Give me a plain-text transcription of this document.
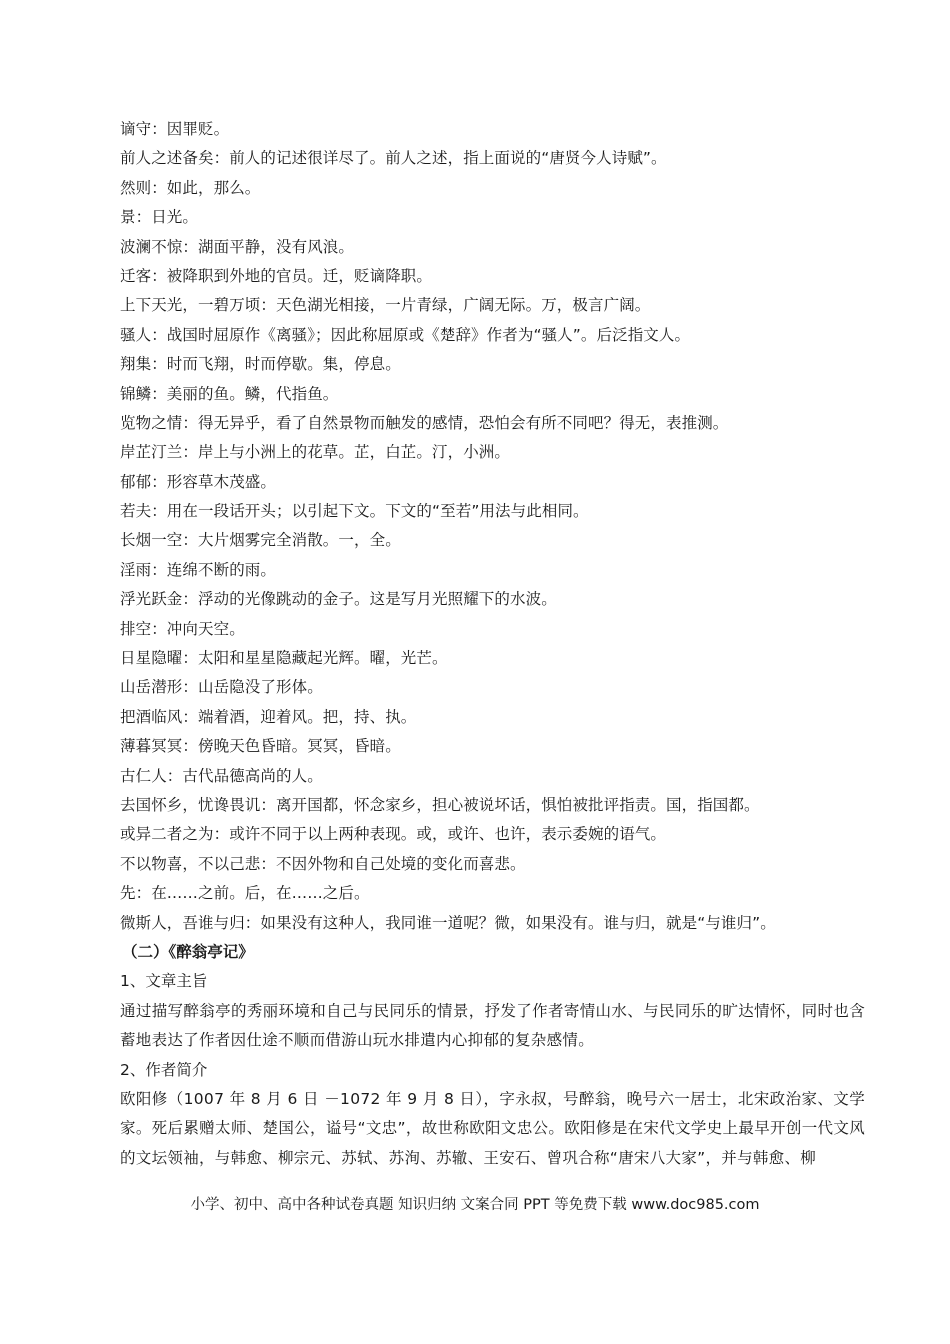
谪守：因罪贬。
前人之述备矣：前人的记述很详尽了。前人之述，指上面说的“唐贤今人诗赋”。
然则：如此，那么。
景：日光。
波澜不惊：湖面平静，没有风浪。
迁客：被降职到外地的官员。迁，贬谪降职。
上下天光，一碧万顷：天色湖光相接，一片青绿，广阔无际。万，极言广阔。
骚人：战国时屈原作《离骚》；因此称屈原或《楚辞》作者为“骚人”。后泛指文人。
翔集：时而飞翔，时而停歇。集，停息。
锦鳞：美丽的鱼。鳞，代指鱼。
览物之情：得无异乎，看了自然景物而触发的感情，恐怕会有所不同吧？得无，表推测。
岸芷汀兰：岸上与小洲上的花草。芷，白芷。汀，小洲。
郁郁：形容草木茂盛。
若夫：用在一段话开头；以引起下文。下文的“至若”用法与此相同。
长烟一空：大片烟雾完全消散。一，全。
淫雨：连绵不断的雨。
浮光跃金：浮动的光像跳动的金子。这是写月光照耀下的水波。
排空：冲向天空。
日星隐曜：太阳和星星隐藏起光辉。曜，光芒。
山岳潜形：山岳隐没了形体。
把酒临风：端着酒，迎着风。把，持、执。
薄暮冥冥：傍晚天色昏暗。冥冥，昏暗。
古仁人：古代品德高尚的人。
去国怀乡，忧谗畏讥：离开国都，怀念家乡，担心被说坏话，惧怕被批评指责。国，指国都。
或异二者之为：或许不同于以上两种表现。或，或许、也许，表示委婉的语气。
不以物喜，不以己悲：不因外物和自己处境的变化而喜悲。
先：在……之前。后，在……之后。
微斯人，吾谁与归：如果没有这种人，我同谁一道呢？微，如果没有。谁与归，就是“与谁归”。
（二）《醉翁亭记》
1、文章主旨
通过描写醉翁亭的秀丽环境和自己与民同乐的情景，抒发了作者寄情山水、与民同乐的旷达情怀，同时也含蓄地表达了作者因仕途不顺而借游山玩水排遣内心抑郁的复杂感情。
2、作者简介
欧阳修（1007 年 8 月 6 日 －1072 年 9 月 8 日），字永叔，号醉翁，晚号六一居士，北宋政治家、文学家。死后累赠太师、楚国公，谥号“文忠”，故世称欧阳文忠公。欧阳修是在宋代文学史上最早开创一代文风的文坛领袖，与韩愈、柳宗元、苏轼、苏洵、苏辙、王安石、曾巩合称“唐宋八大家”，并与韩愈、柳
小学、初中、高中各种试卷真题 知识归纳 文案合同 PPT 等免费下载 www.doc985.com
